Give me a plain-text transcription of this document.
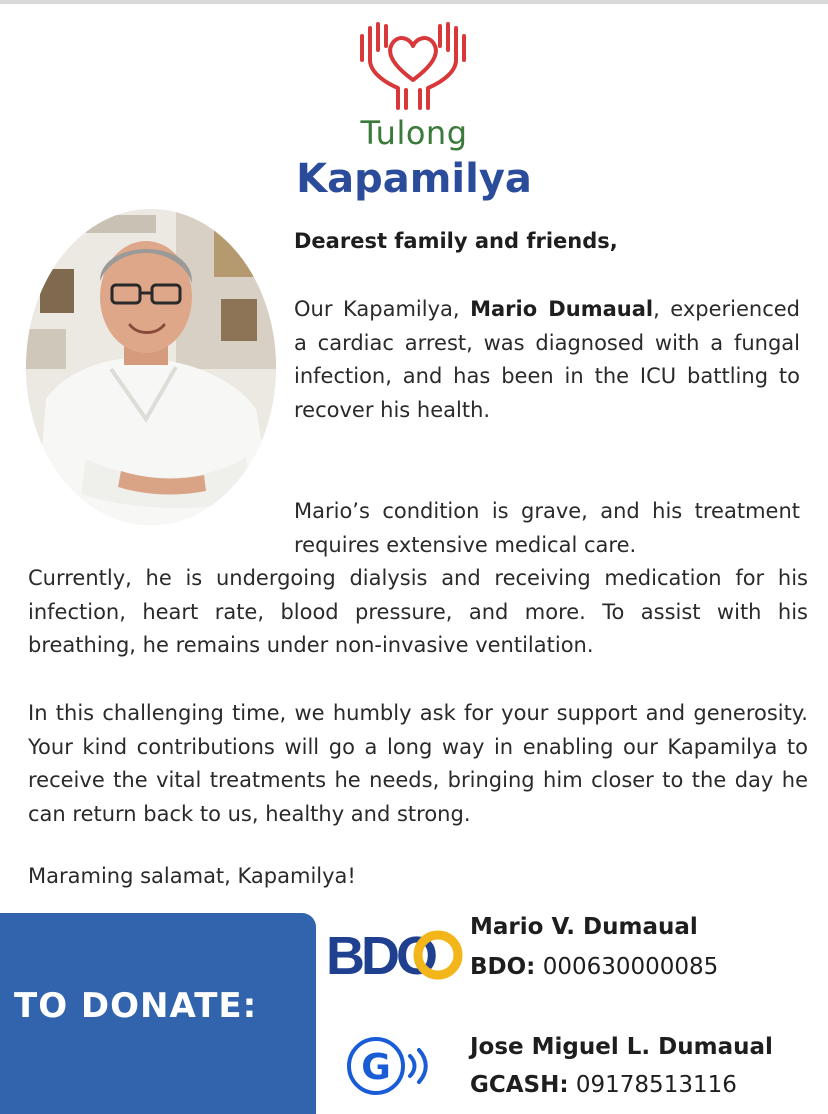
Tulong
Kapamilya
Dearest family and friends,

Our Kapamilya, Mario Dumaual, experienced a cardiac arrest, was diagnosed with a fungal infection, and has been in the ICU battling to recover his health.

Mario’s condition is grave, and his treatment requires extensive medical care.

Currently, he is undergoing dialysis and receiving medication for his infection, heart rate, blood pressure, and more. To assist with his breathing, he remains under non-invasive ventilation.

In this challenging time, we humbly ask for your support and generosity. Your kind contributions will go a long way in enabling our Kapamilya to receive the vital treatments he needs, bringing him closer to the day he can return back to us, healthy and strong.

Maraming salamat, Kapamilya!
TO DONATE:
BDO Mario V. Dumaual
BDO: 000630000085
G	Jose Miguel L. Dumaual
GCASH: 09178513116
